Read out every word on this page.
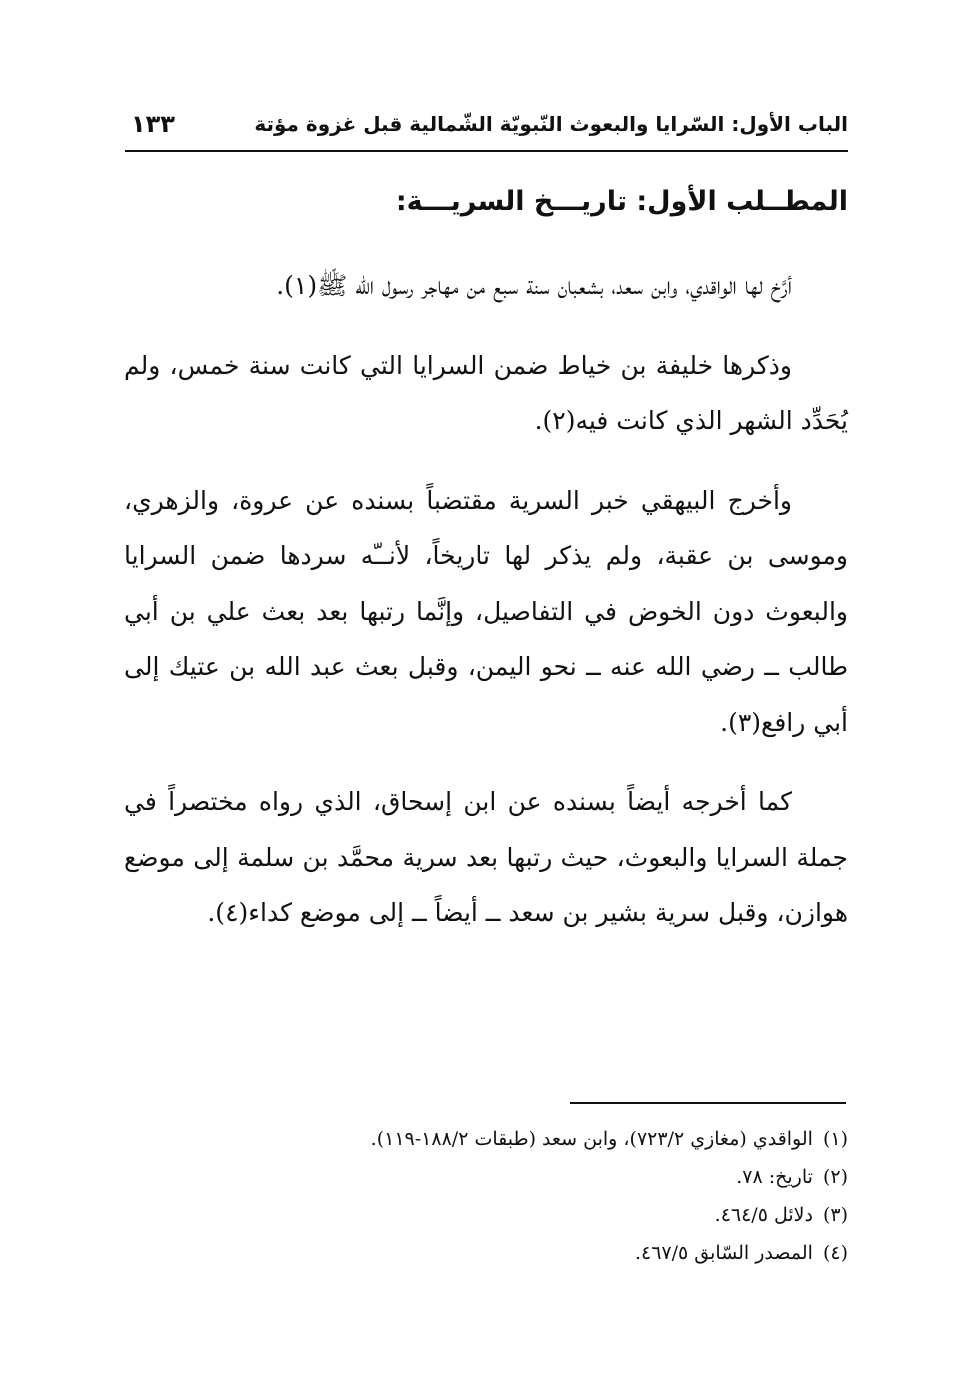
الباب الأول: السّرايا والبعوث النّبويّة الشّمالية قبل غزوة مؤتة
١٣٣
المطــلب الأول: تاريـــخ السريـــة:

أرَّخ لها الواقدي، وابن سعد، بشعبان سنة سبع من مهاجر رسول الله ﷺ(١).

وذكرها خليفة بن خياط ضمن السرايا التي كانت سنة خمس، ولم يُحَدِّد الشهر الذي كانت فيه(٢).

وأخرج البيهقي خبر السرية مقتضباً بسنده عن عروة، والزهري، وموسى بن عقبة، ولم يذكر لها تاريخاً، لأنــّه سردها ضمن السرايا والبعوث دون الخوض في التفاصيل، وإنَّما رتبها بعد بعث علي بن أبي طالب ــ رضي الله عنه ــ نحو اليمن، وقبل بعث عبد الله بن عتيك إلى أبي رافع(٣).

كما أخرجه أيضاً بسنده عن ابن إسحاق، الذي رواه مختصراً في جملة السرايا والبعوث، حيث رتبها بعد سرية محمَّد بن سلمة إلى موضع هوازن، وقبل سرية بشير بن سعد ــ أيضاً ــ إلى موضع كداء(٤).

(١)الواقدي (مغازي ٧٢٣/٢)، وابن سعد (طبقات ١٨٨/٢-١١٩).
(٢)تاريخ: ٧٨.
(٣)دلائل ٤٦٤/٥.
(٤)المصدر السّابق ٤٦٧/٥.
